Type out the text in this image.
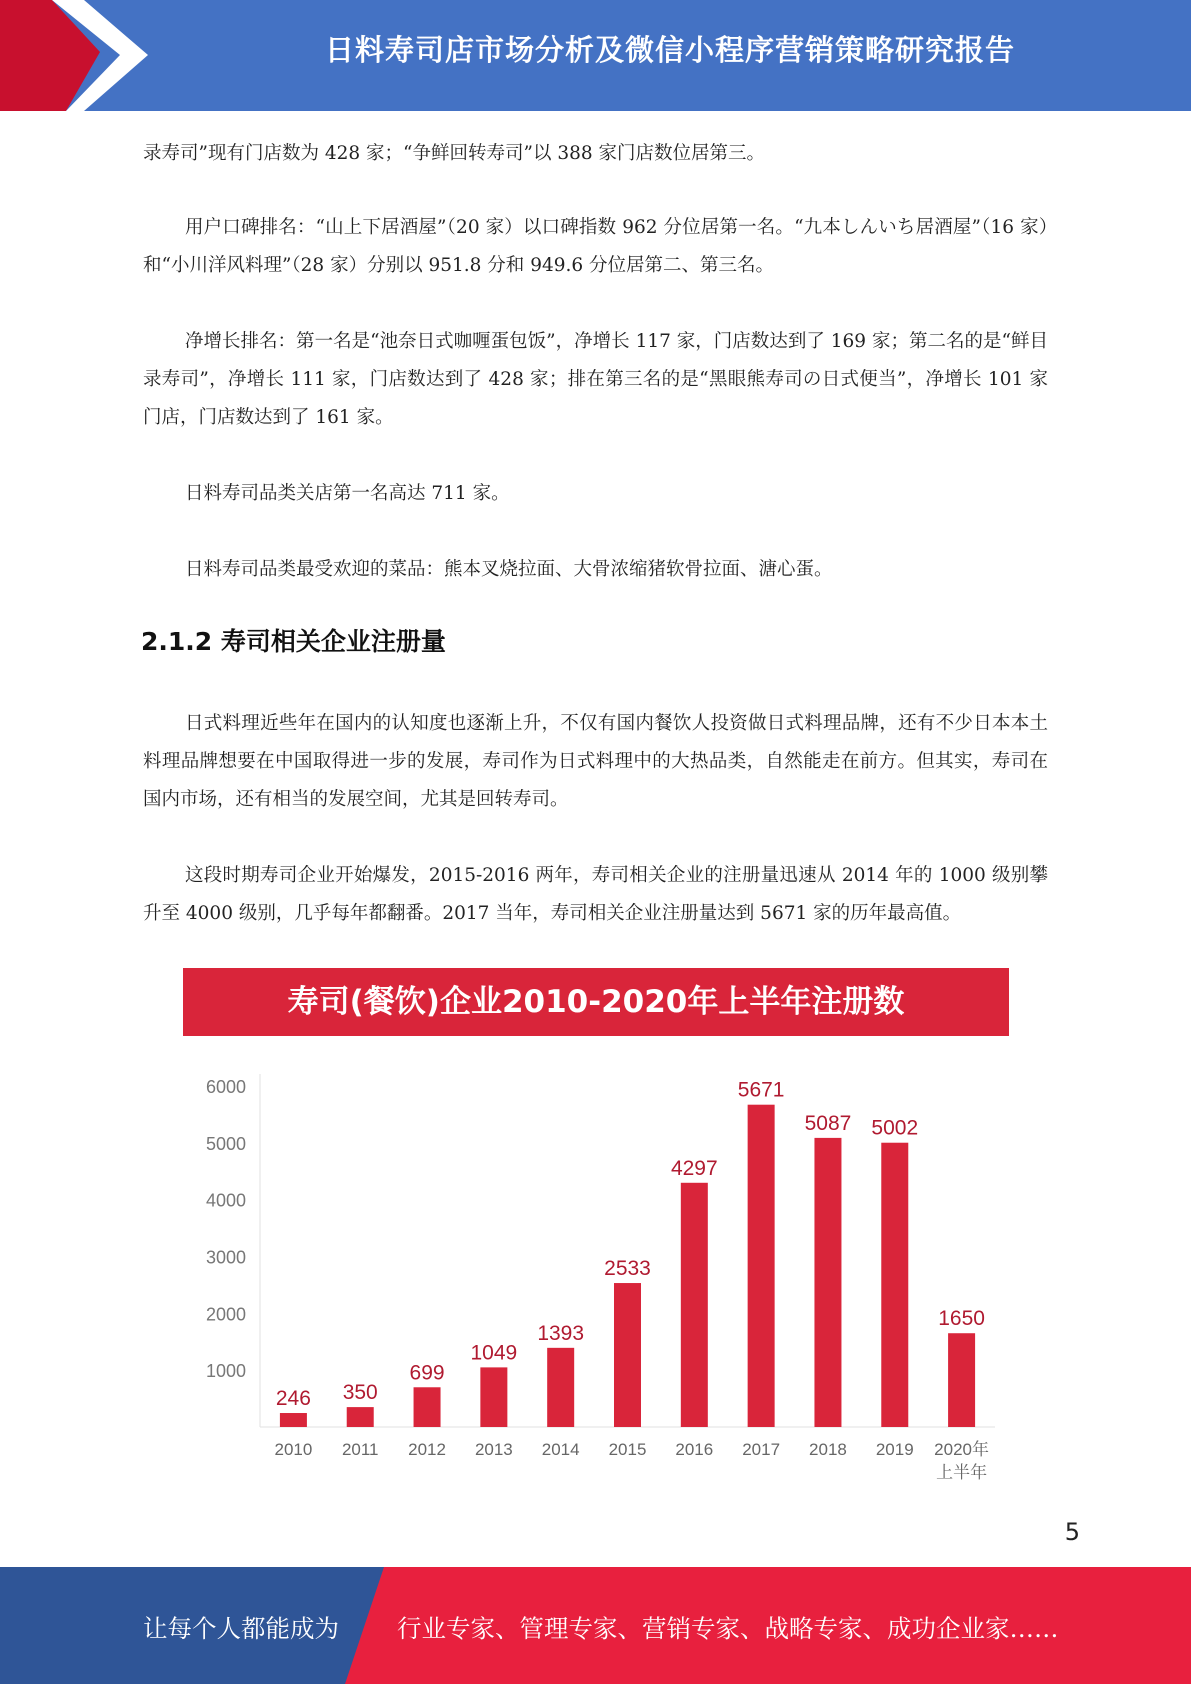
日料寿司店市场分析及微信小程序营销策略研究报告
录寿司”现有门店数为 428 家；“争鲜回转寿司”以 388 家门店数位居第三。
用户口碑排名：“山上下居酒屋”（20 家）以口碑指数 962 分位居第一名。“九本しんいち居酒屋”（16 家）和“小川洋风料理”（28 家）分别以 951.8 分和 949.6 分位居第二、第三名。
净增长排名：第一名是“池奈日式咖喱蛋包饭”，净增长 117 家，门店数达到了 169 家；第二名的是“鲜目录寿司”，净增长 111 家，门店数达到了 428 家；排在第三名的是“黑眼熊寿司の日式便当”，净增长 101 家门店，门店数达到了 161 家。
日料寿司品类关店第一名高达 711 家。
日料寿司品类最受欢迎的菜品：熊本叉烧拉面、大骨浓缩猪软骨拉面、溏心蛋。
2.1.2 寿司相关企业注册量
日式料理近些年在国内的认知度也逐渐上升，不仅有国内餐饮人投资做日式料理品牌，还有不少日本本土料理品牌想要在中国取得进一步的发展，寿司作为日式料理中的大热品类，自然能走在前方。但其实，寿司在国内市场，还有相当的发展空间，尤其是回转寿司。
这段时期寿司企业开始爆发，2015-2016 两年，寿司相关企业的注册量迅速从 2014 年的 1000 级别攀升至 4000 级别，几乎每年都翻番。2017 当年，寿司相关企业注册量达到 5671 家的历年最高值。
寿司(餐饮)企业2010-2020年上半年注册数
1000
2000
3000
4000
5000
6000
246
2010
350
2011
699
2012
1049
2013
1393
2014
2533
2015
4297
2016
5671
2017
5087
2018
5002
2019
1650
2020年上半年
5
让每个人都能成为 行业专家、管理专家、营销专家、战略专家、成功企业家……
